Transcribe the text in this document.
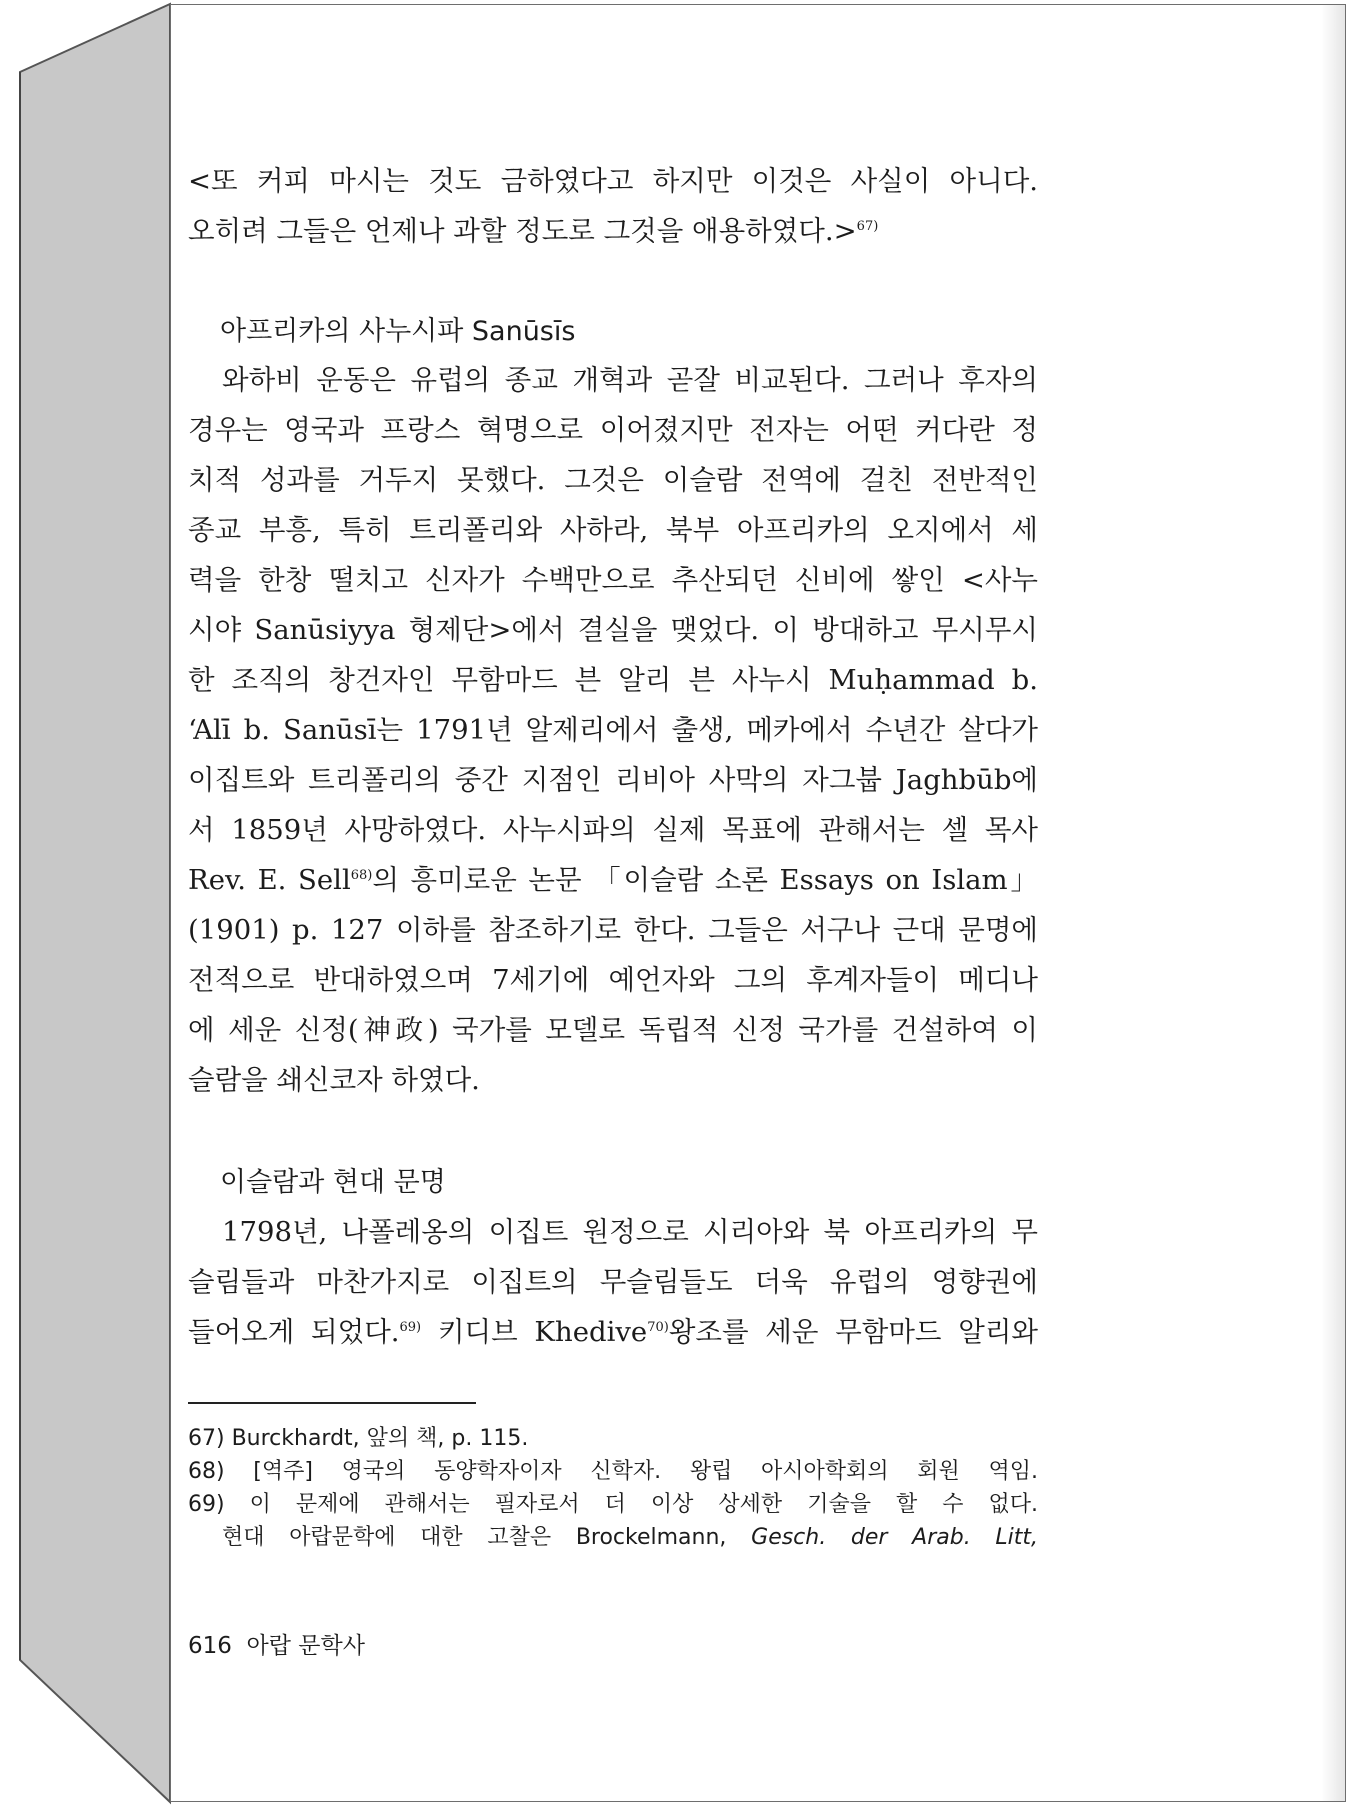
<또 커피 마시는 것도 금하였다고 하지만 이것은 사실이 아니다.
오히려 그들은 언제나 과할 정도로 그것을 애용하였다.>$^{67)}$
아프리카의 사누시파 Sanūsīs
와하비 운동은 유럽의 종교 개혁과 곧잘 비교된다. 그러나 후자의
경우는 영국과 프랑스 혁명으로 이어졌지만 전자는 어떤 커다란 정
치적 성과를 거두지 못했다. 그것은 이슬람 전역에 걸친 전반적인
종교 부흥, 특히 트리폴리와 사하라, 북부 아프리카의 오지에서 세
력을 한창 떨치고 신자가 수백만으로 추산되던 신비에 쌓인 <사누
시야 Sanūsiyya 형제단>에서 결실을 맺었다. 이 방대하고 무시무시
한 조직의 창건자인 무함마드 븐 알리 븐 사누시 Muḥammad b.
ʻAlī b. Sanūsī는 1791년 알제리에서 출생, 메카에서 수년간 살다가
이집트와 트리폴리의 중간 지점인 리비아 사막의 자그붑 Jaghbūb에
서 1859년 사망하였다. 사누시파의 실제 목표에 관해서는 셀 목사
Rev. E. Sell$^{68)}$의 흥미로운 논문 「이슬람 소론 Essays on Islam」
(1901) p. 127 이하를 참조하기로 한다. 그들은 서구나 근대 문명에
전적으로 반대하였으며 7세기에 예언자와 그의 후계자들이 메디나
에 세운 신정(神政) 국가를 모델로 독립적 신정 국가를 건설하여 이
슬람을 쇄신코자 하였다.
이슬람과 현대 문명
1798년, 나폴레옹의 이집트 원정으로 시리아와 북 아프리카의 무
슬림들과 마찬가지로 이집트의 무슬림들도 더욱 유럽의 영향권에
들어오게 되었다.$^{69)}$ 키디브 Khedive$^{70)}$왕조를 세운 무함마드 알리와
67) Burckhardt, 앞의 책, p. 115.
68) [역주] 영국의 동양학자이자 신학자. 왕립 아시아학회의 회원 역임.
69) 이 문제에 관해서는 필자로서 더 이상 상세한 기술을 할 수 없다.
현대 아랍문학에 대한 고찰은 Brockelmann, Gesch. der Arab. Litt,
616 아랍 문학사
